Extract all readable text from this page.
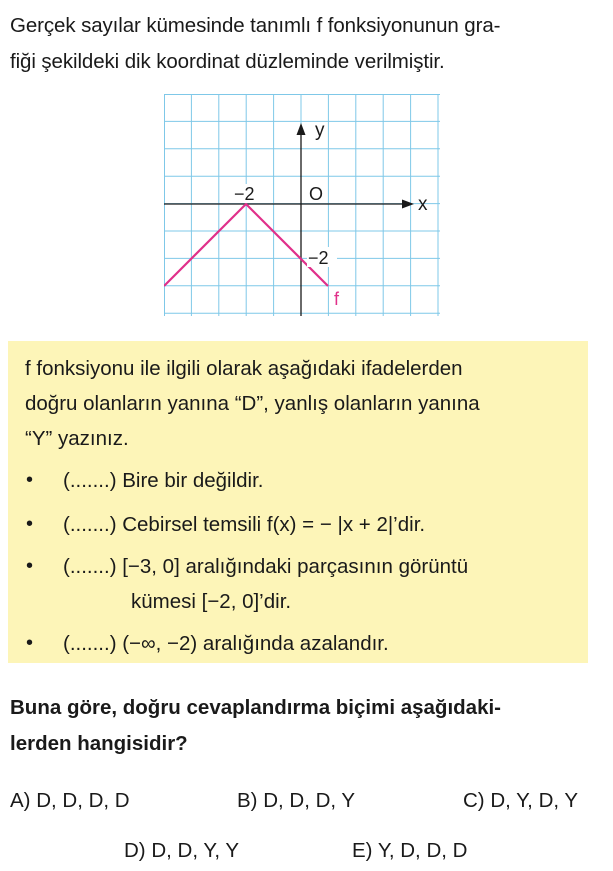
Gerçek sayılar kümesinde tanımlı f fonksiyonunun gra-
fiği şekildeki dik koordinat düzleminde verilmiştir.
y
x
O
−2
−2
f
f fonksiyonu ile ilgili olarak aşağıdaki ifadelerden
doğru olanların yanına “D”, yanlış olanların yanına
“Y” yazınız.
• (.......) Bire bir değildir.
• (.......) Cebirsel temsili f(x) = − |x + 2|’dir.
• (.......) [−3, 0] aralığındaki parçasının görüntü
kümesi [−2, 0]’dir.
• (.......) (−∞, −2) aralığında azalandır.
Buna göre, doğru cevaplandırma biçimi aşağıdaki-
lerden hangisidir?
A) D, D, D, D	B) D, D, D, Y	C) D, Y, D, Y
D) D, D, Y, Y	E) Y, D, D, D
